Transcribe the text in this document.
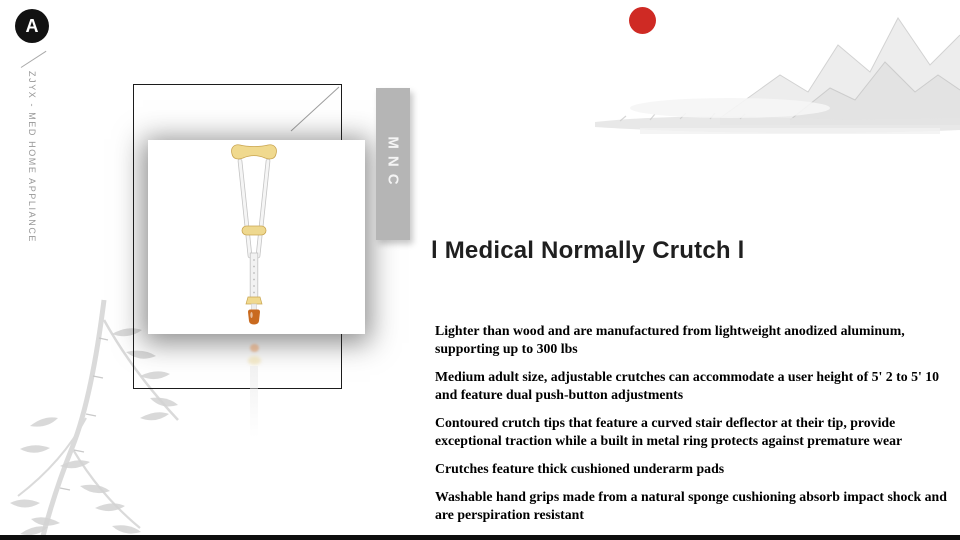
A
ZJYX - MED HOME APPLIANCE	MNC
l Medical Normally Crutch l

Lighter than wood and are manufactured from lightweight anodized aluminum, supporting up to 300 lbs

Medium adult size, adjustable crutches can accommodate a user height of 5' 2 to 5' 10 and feature dual push-button adjustments

Contoured crutch tips that feature a curved stair deflector at their tip, provide exceptional traction while a built in metal ring protects against premature wear

Crutches feature thick cushioned underarm pads

Washable hand grips made from a natural sponge cushioning absorb impact shock and are perspiration resistant
